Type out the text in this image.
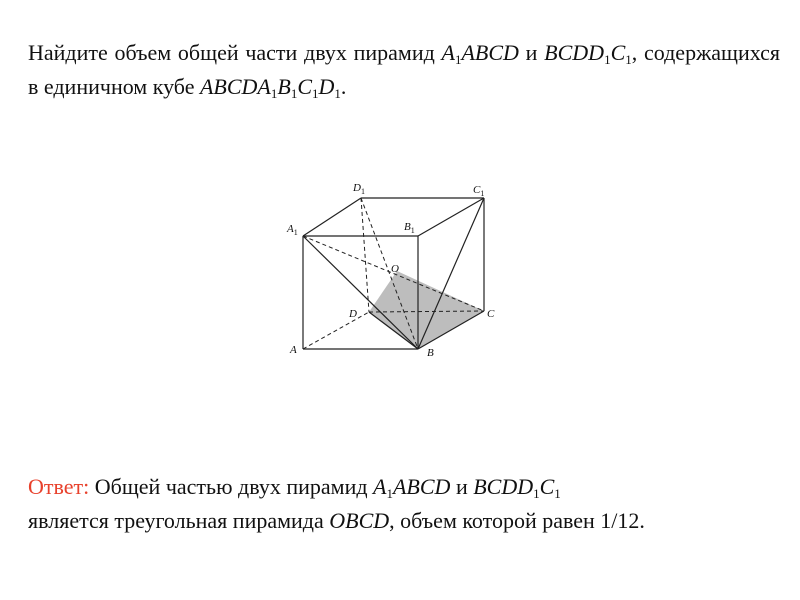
Найдите объем общей части двух пирамид $A_1ABCD$ и $BCDD_1C_1$, содержащихся в единичном кубе $ABCDA_1B_1C_1D_1$.
$A_1$	$B_1$
$D_1$	$C_1$
O
D	C
A	B
Ответ: Общей частью двух пирамид $A_1ABCD$ и $BCDD_1C_1$
является треугольная пирамида OBCD, объем которой равен 1/12.
